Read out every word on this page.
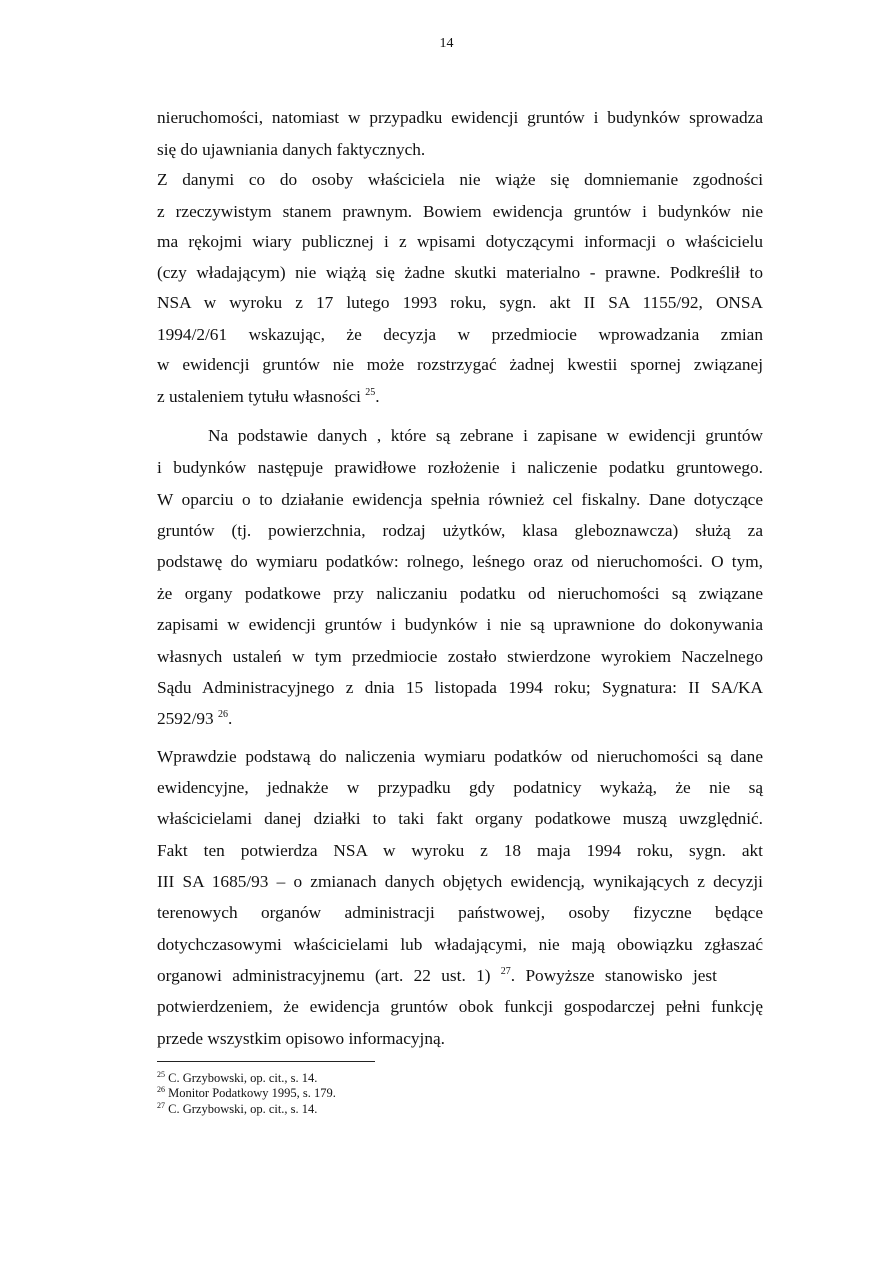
14
nieruchomości, natomiast w przypadku ewidencji gruntów i budynków sprowadza
się do ujawniania danych faktycznych.
Z danymi co do osoby właściciela nie wiąże się domniemanie zgodności
z rzeczywistym stanem prawnym. Bowiem ewidencja gruntów i budynków nie
ma rękojmi wiary publicznej i z wpisami dotyczącymi informacji o właścicielu
(czy władającym) nie wiążą się żadne skutki materialno - prawne. Podkreślił to
NSA w wyroku z 17 lutego 1993 roku, sygn. akt II SA 1155/92, ONSA
1994/2/61 wskazując, że decyzja w przedmiocie wprowadzania zmian
w ewidencji gruntów nie może rozstrzygać żadnej kwestii spornej związanej
z ustaleniem tytułu własności $^{25}$.
Na podstawie danych , które są zebrane i zapisane w ewidencji gruntów
i budynków następuje prawidłowe rozłożenie i naliczenie podatku gruntowego.
W oparciu o to działanie ewidencja spełnia również cel fiskalny. Dane dotyczące
gruntów (tj. powierzchnia, rodzaj użytków, klasa gleboznawcza) służą za
podstawę do wymiaru podatków: rolnego, leśnego oraz od nieruchomości. O tym,
że organy podatkowe przy naliczaniu podatku od nieruchomości są związane
zapisami w ewidencji gruntów i budynków i nie są uprawnione do dokonywania
własnych ustaleń w tym przedmiocie zostało stwierdzone wyrokiem Naczelnego
Sądu Administracyjnego z dnia 15 listopada 1994 roku; Sygnatura: II SA/KA
2592/93 $^{26}$.
Wprawdzie podstawą do naliczenia wymiaru podatków od nieruchomości są dane
ewidencyjne, jednakże w przypadku gdy podatnicy wykażą, że nie są
właścicielami danej działki to taki fakt organy podatkowe muszą uwzględnić.
Fakt ten potwierdza NSA w wyroku z 18 maja 1994 roku, sygn. akt
III SA 1685/93 – o zmianach danych objętych ewidencją, wynikających z decyzji
terenowych organów administracji państwowej, osoby fizyczne będące
dotychczasowymi właścicielami lub władającymi, nie mają obowiązku zgłaszać
organowi administracyjnemu (art. 22 ust. 1) $^{27}$. Powyższe stanowisko jest
potwierdzeniem, że ewidencja gruntów obok funkcji gospodarczej pełni funkcję
przede wszystkim opisowo informacyjną.
$^{25}$ C. Grzybowski, op. cit., s. 14.
$^{26}$ Monitor Podatkowy 1995, s. 179.
$^{27}$ C. Grzybowski, op. cit., s. 14.
